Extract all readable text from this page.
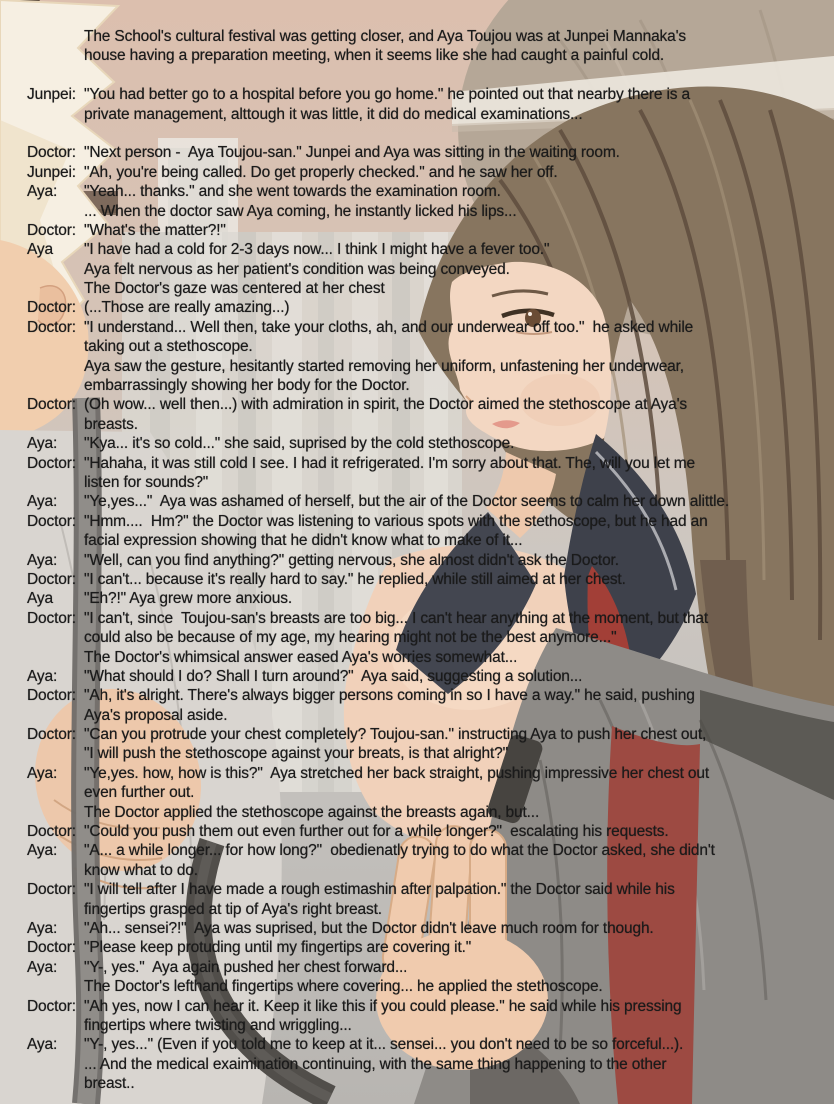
The School's cultural festival was getting closer, and Aya Toujou was at Junpei Mannaka's
house having a preparation meeting, when it seems like she had caught a painful cold.
Junpei: "You had better go to a hospital before you go home." he pointed out that nearby there is a
private management, alttough it was little, it did do medical examinations...
Doctor: "Next person -  Aya Toujou-san." Junpei and Aya was sitting in the waiting room.
Junpei: "Ah, you're being called. Do get properly checked." and he saw her off.
Aya: "Yeah... thanks." and she went towards the examination room.
... When the doctor saw Aya coming, he instantly licked his lips...
Doctor: "What's the matter?!"
Aya "I have had a cold for 2-3 days now... I think I might have a fever too."
Aya felt nervous as her patient's condition was being conveyed.
The Doctor's gaze was centered at her chest
Doctor: (...Those are really amazing...)
Doctor: "I understand... Well then, take your cloths, ah, and our underwear off too."  he asked while
taking out a stethoscope.
Aya saw the gesture, hesitantly started removing her uniform, unfastening her underwear,
embarrassingly showing her body for the Doctor.
Doctor: (Oh wow... well then...) with admiration in spirit, the Doctor aimed the stethoscope at Aya's
breasts.
Aya: "Kya... it's so cold..." she said, suprised by the cold stethoscope.
Doctor: "Hahaha, it was still cold I see. I had it refrigerated. I'm sorry about that. The, will you let me
listen for sounds?"
Aya: "Ye,yes..."  Aya was ashamed of herself, but the air of the Doctor seems to calm her down alittle.
Doctor: "Hmm....  Hm?" the Doctor was listening to various spots with the stethoscope, but he had an
facial expression showing that he didn't know what to make of it...
Aya: "Well, can you find anything?" getting nervous, she almost didn't ask the Doctor.
Doctor: "I can't... because it's really hard to say." he replied, while still aimed at her chest.
Aya "Eh?!" Aya grew more anxious.
Doctor: "I can't, since  Toujou-san's breasts are too big... I can't hear anything at the moment, but that
could also be because of my age, my hearing might not be the best anymore..."
The Doctor's whimsical answer eased Aya's worries somewhat...
Aya: "What should I do? Shall I turn around?"  Aya said, suggesting a solution...
Doctor: "Ah, it's alright. There's always bigger persons coming in so I have a way." he said, pushing
Aya's proposal aside.
Doctor: "Can you protrude your chest completely? Toujou-san." instructing Aya to push her chest out,
"I will push the stethoscope against your breats, is that alright?"
Aya: "Ye,yes. how, how is this?"  Aya stretched her back straight, pushing impressive her chest out
even further out.
The Doctor applied the stethoscope against the breasts again, but...
Doctor: "Could you push them out even further out for a while longer?"  escalating his requests.
Aya: "A... a while longer... for how long?"  obedienatly trying to do what the Doctor asked, she didn't
know what to do.
Doctor: "I will tell after I have made a rough estimashin after palpation." the Doctor said while his
fingertips grasped at tip of Aya's right breast.
Aya: "Ah... sensei?!"  Aya was suprised, but the Doctor didn't leave much room for though.
Doctor: "Please keep protuding until my fingertips are covering it."
Aya: "Y-, yes."  Aya again pushed her chest forward...
The Doctor's lefthand fingertips where covering... he applied the stethoscope.
Doctor: "Ah yes, now I can hear it. Keep it like this if you could please." he said while his pressing
fingertips where twisting and wriggling...
Aya: "Y-, yes..." (Even if you told me to keep at it... sensei... you don't need to be so forceful...).
... And the medical exaimination continuing, with the same thing happening to the other
breast..
